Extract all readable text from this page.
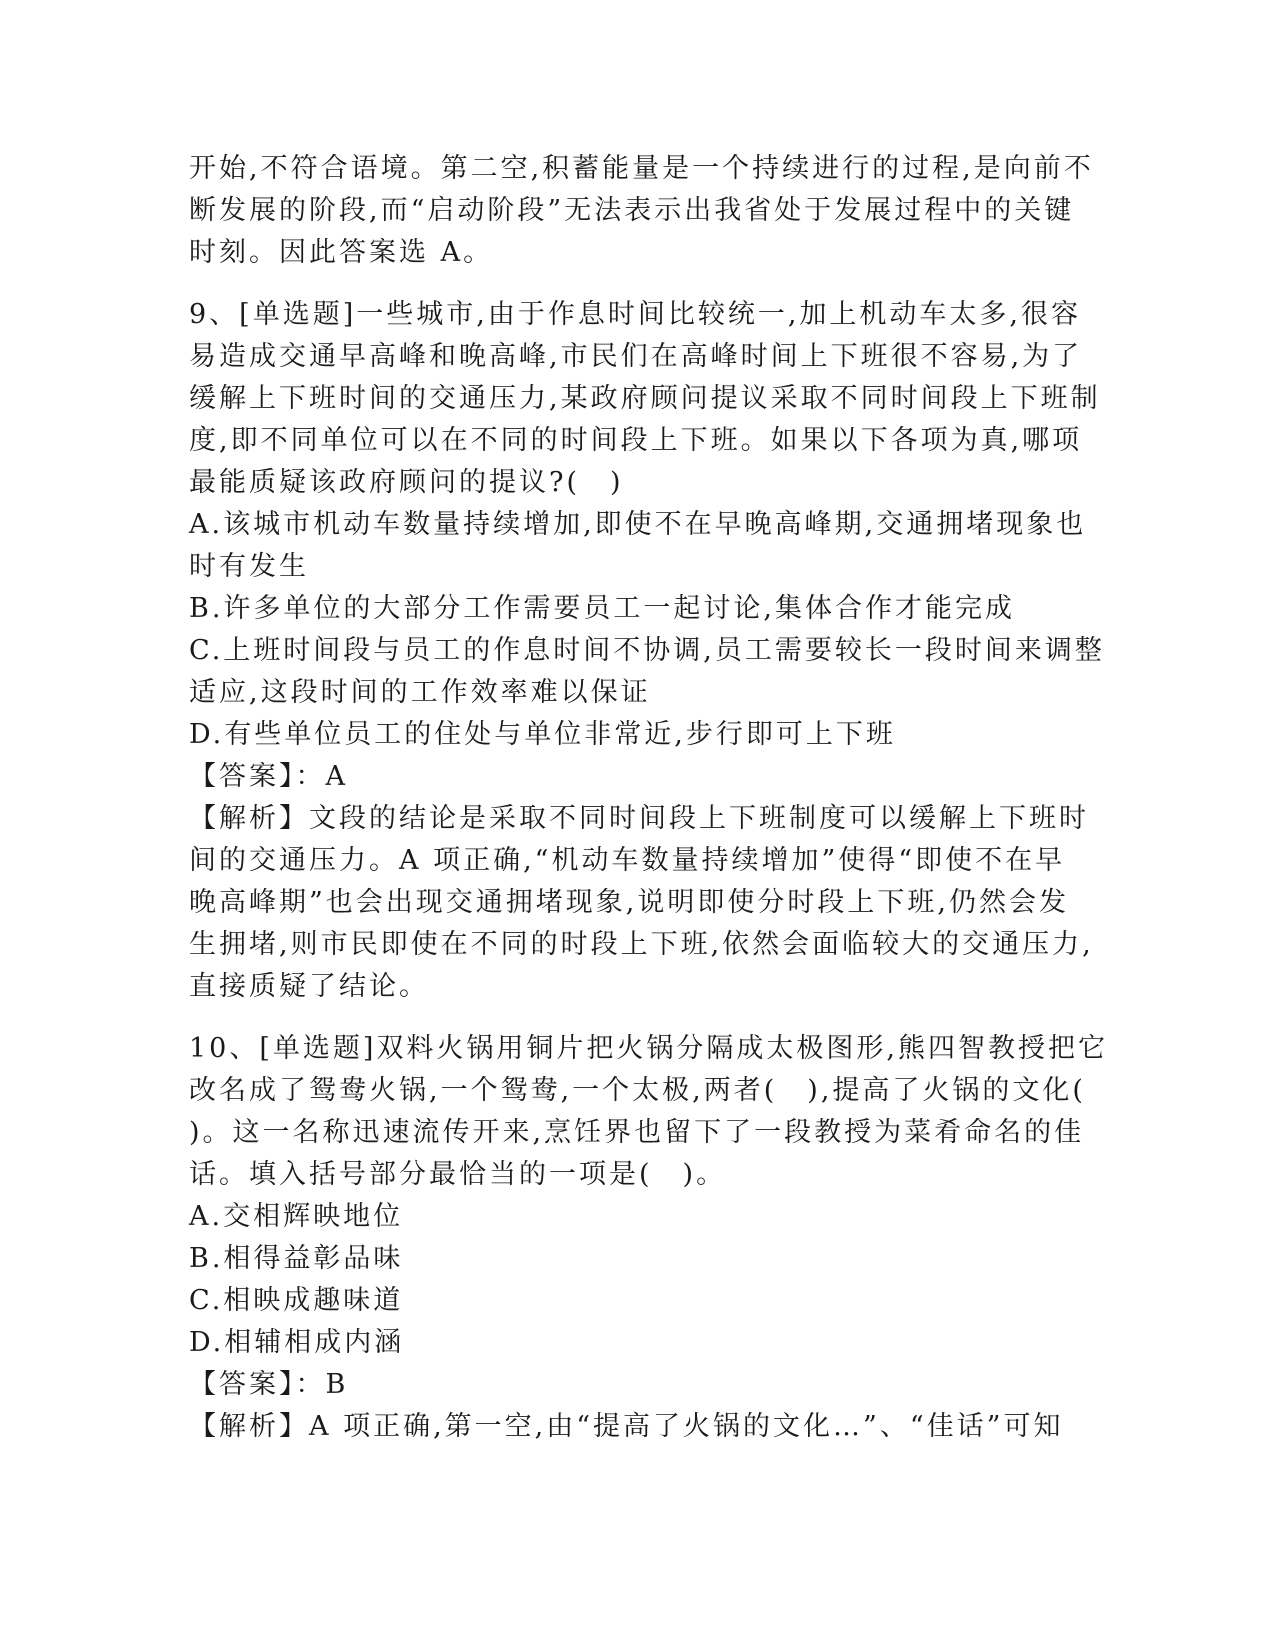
开始,不符合语境。第二空,积蓄能量是一个持续进行的过程,是向前不
断发展的阶段,而“启动阶段”无法表示出我省处于发展过程中的关键
时刻。因此答案选 A。
9、[单选题]一些城市,由于作息时间比较统一,加上机动车太多,很容
易造成交通早高峰和晚高峰,市民们在高峰时间上下班很不容易,为了
缓解上下班时间的交通压力,某政府顾问提议采取不同时间段上下班制
度,即不同单位可以在不同的时间段上下班。如果以下各项为真,哪项
最能质疑该政府顾问的提议?(　)
A.该城市机动车数量持续增加,即使不在早晚高峰期,交通拥堵现象也
时有发生
B.许多单位的大部分工作需要员工一起讨论,集体合作才能完成
C.上班时间段与员工的作息时间不协调,员工需要较长一段时间来调整
适应,这段时间的工作效率难以保证
D.有些单位员工的住处与单位非常近,步行即可上下班
【答案】：A
【解析】文段的结论是采取不同时间段上下班制度可以缓解上下班时
间的交通压力。A 项正确,“机动车数量持续增加”使得“即使不在早
晚高峰期”也会出现交通拥堵现象,说明即使分时段上下班,仍然会发
生拥堵,则市民即使在不同的时段上下班,依然会面临较大的交通压力,
直接质疑了结论。
10、[单选题]双料火锅用铜片把火锅分隔成太极图形,熊四智教授把它
改名成了鸳鸯火锅,一个鸳鸯,一个太极,两者(　),提高了火锅的文化(
)。这一名称迅速流传开来,烹饪界也留下了一段教授为菜肴命名的佳
话。填入括号部分最恰当的一项是(　)。
A.交相辉映地位
B.相得益彰品味
C.相映成趣味道
D.相辅相成内涵
【答案】：B
【解析】A 项正确,第一空,由“提高了火锅的文化…”、“佳话”可知
